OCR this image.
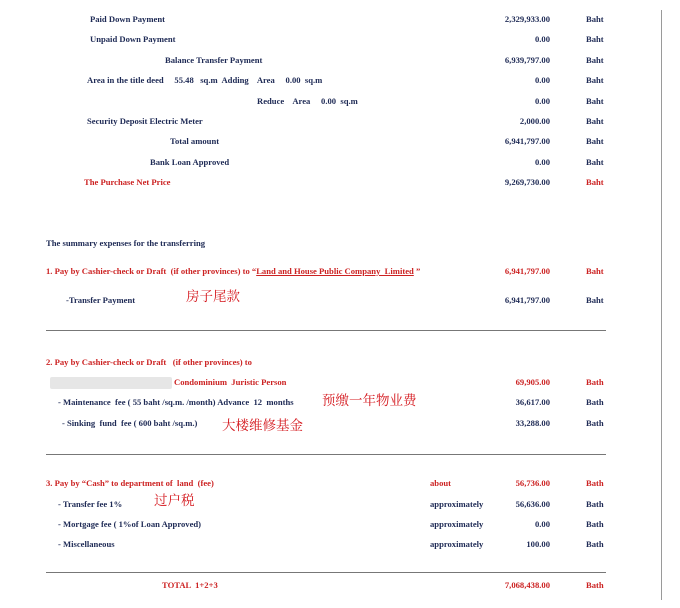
Paid Down Payment	2,329,933.00	Baht
Unpaid Down Payment	0.00	Baht
Balance Transfer Payment	6,939,797.00	Baht
Area in the title deed     55.48   sq.m  Adding    Area     0.00  sq.m	0.00	Baht
Reduce    Area     0.00  sq.m	0.00	Baht
Security Deposit Electric Meter	2,000.00	Baht
Total amount	6,941,797.00	Baht
Bank Loan Approved	0.00	Baht
The Purchase Net Price	9,269,730.00	Baht
The summary expenses for the transferring
1. Pay by Cashier-check or Draft  (if other provinces) to “Land and House Public Company  Limited ”	6,941,797.00	Baht
-Transfer Payment	房子尾款	6,941,797.00	Baht
2. Pay by Cashier-check or Draft   (if other provinces) to
Condominium  Juristic Person	69,905.00	Bath
- Maintenance  fee ( 55 baht /sq.m. /month) Advance  12  months 预缴一年物业费	36,617.00	Bath
- Sinking  fund  fee ( 600 baht /sq.m.) 大楼维修基金	33,288.00	Bath
3. Pay by “Cash” to department of  land  (fee)	about	56,736.00	Bath
- Transfer fee 1% 过户税	approximately	56,636.00	Bath
- Mortgage fee ( 1%of Loan Approved)	approximately	0.00	Bath
- Miscellaneous	approximately	100.00	Bath
TOTAL  1+2+3	7,068,438.00	Bath
